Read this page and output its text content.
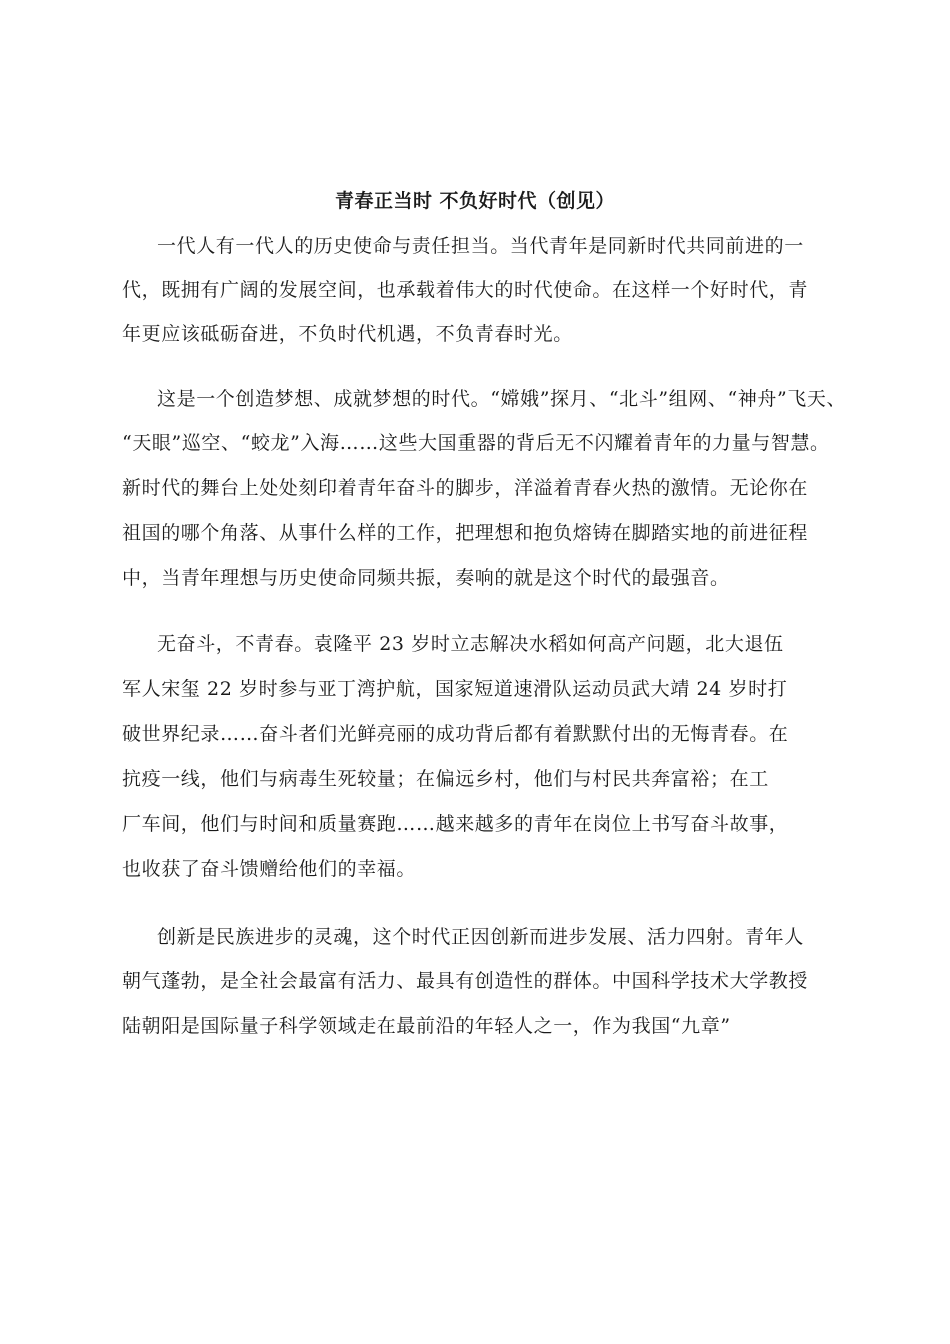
青春正当时 不负好时代（创见）
一代人有一代人的历史使命与责任担当。当代青年是同新时代共同前进的一
代，既拥有广阔的发展空间，也承载着伟大的时代使命。在这样一个好时代，青
年更应该砥砺奋进，不负时代机遇，不负青春时光。
这是一个创造梦想、成就梦想的时代。“嫦娥”探月、“北斗”组网、“神舟”飞天、
“天眼”巡空、“蛟龙”入海……这些大国重器的背后无不闪耀着青年的力量与智慧。
新时代的舞台上处处刻印着青年奋斗的脚步，洋溢着青春火热的激情。无论你在
祖国的哪个角落、从事什么样的工作，把理想和抱负熔铸在脚踏实地的前进征程
中，当青年理想与历史使命同频共振，奏响的就是这个时代的最强音。
无奋斗，不青春。袁隆平 23 岁时立志解决水稻如何高产问题，北大退伍
军人宋玺 22 岁时参与亚丁湾护航，国家短道速滑队运动员武大靖 24 岁时打
破世界纪录……奋斗者们光鲜亮丽的成功背后都有着默默付出的无悔青春。在
抗疫一线，他们与病毒生死较量；在偏远乡村，他们与村民共奔富裕；在工
厂车间，他们与时间和质量赛跑……越来越多的青年在岗位上书写奋斗故事，
也收获了奋斗馈赠给他们的幸福。
创新是民族进步的灵魂，这个时代正因创新而进步发展、活力四射。青年人
朝气蓬勃，是全社会最富有活力、最具有创造性的群体。中国科学技术大学教授
陆朝阳是国际量子科学领域走在最前沿的年轻人之一，作为我国“九章”
